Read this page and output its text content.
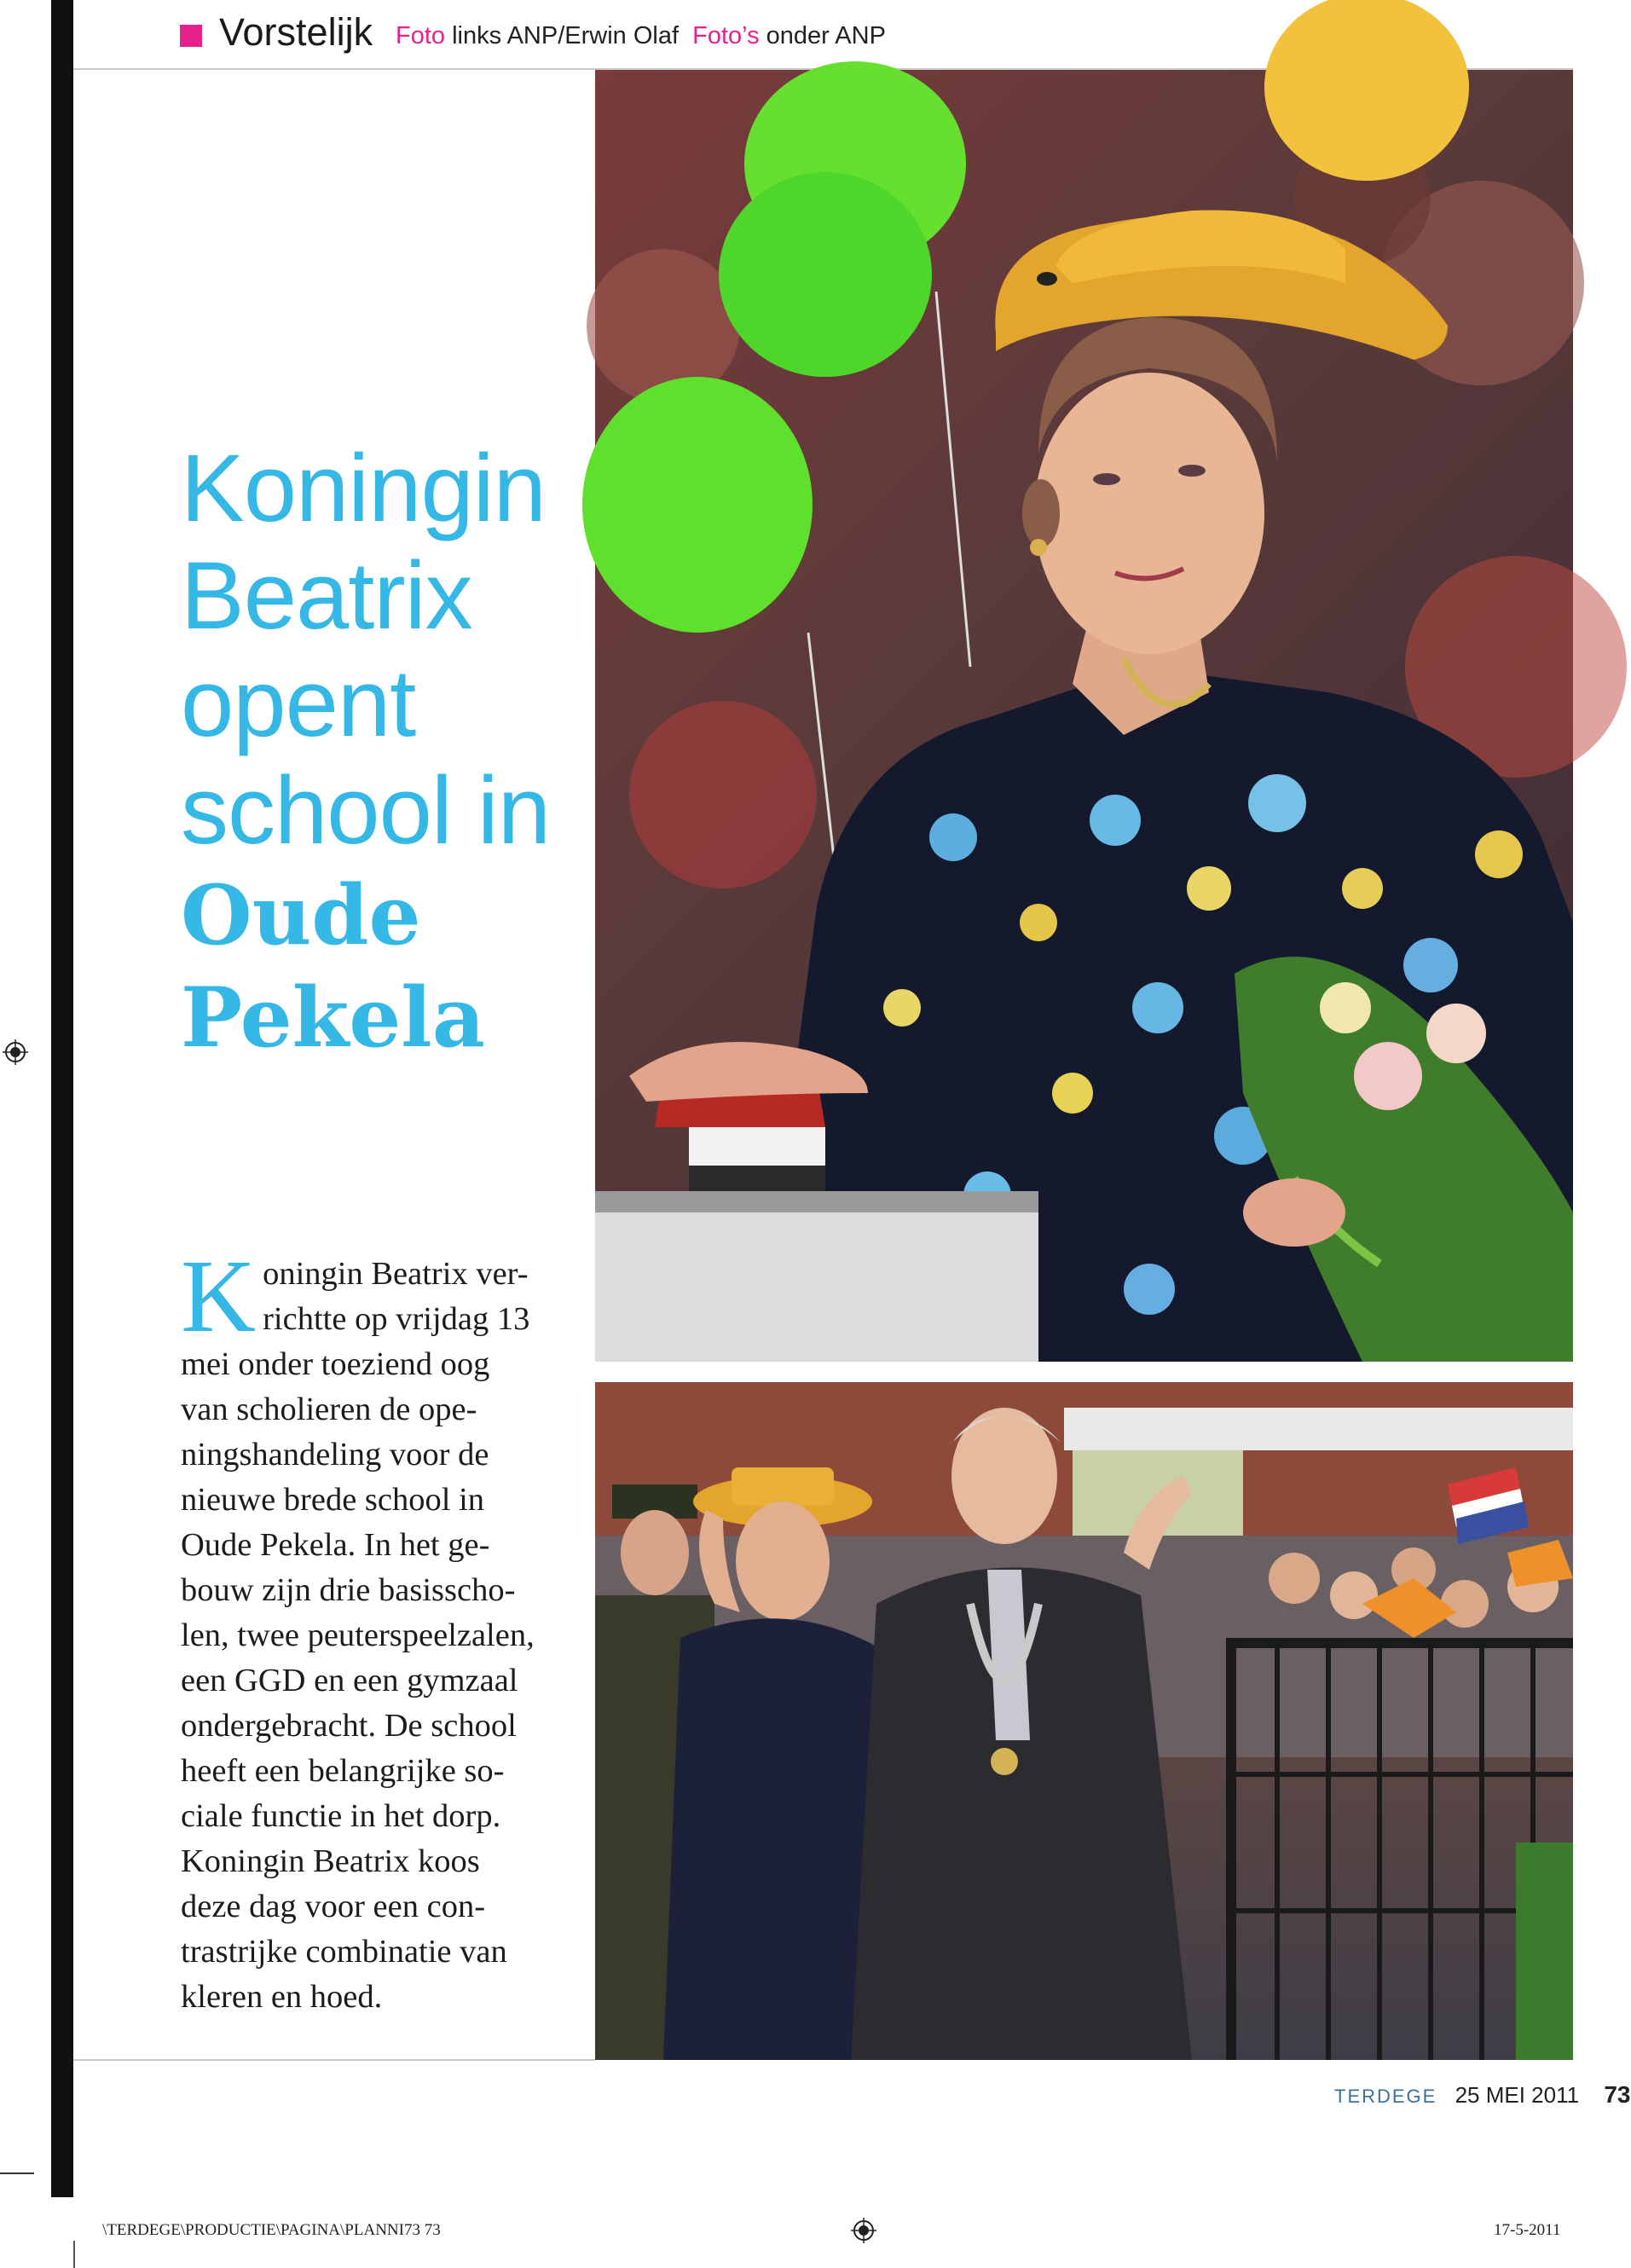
Vorstelijk Foto links ANP/Erwin Olaf Foto’s onder ANP
Koningin
Beatrix
opent
school in
Oude
Pekela
K oningin Beatrix ver-

richtte op vrijdag 13

mei onder toeziend oog

van scholieren de ope-

ningshandeling voor de

nieuwe brede school in

Oude Pekela. In het ge-

bouw zijn drie basisscho-

len, twee peuterspeelzalen,

een GGD en een gymzaal

ondergebracht. De school

heeft een belangrijke so-

ciale functie in het dorp.

Koningin Beatrix koos

deze dag voor een con-

trastrijke combinatie van

kleren en hoed.

TERDEGE 25 MEI 2011 73
\TERDEGE\PRODUCTIE\PAGINA\PLANNI73 73	17-5-2011
